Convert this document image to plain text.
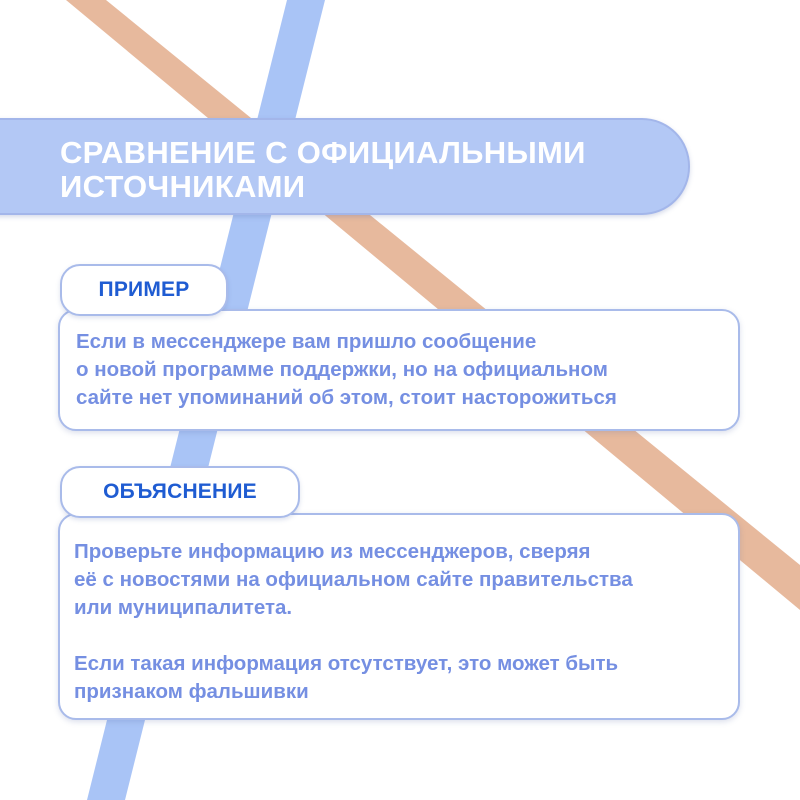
СРАВНЕНИЕ С ОФИЦИАЛЬНЫМИ
ИСТОЧНИКАМИ

Если в мессенджере вам пришло сообщение
о новой программе поддержки, но на официальном
сайте нет упоминаний об этом, стоит насторожиться

ПРИМЕР
Проверьте информацию из мессенджеров, сверяя
её с новостями на официальном сайте правительства
или муниципалитета.
Если такая информация отсутствует, это может быть
признаком фальшивки
ОБЪЯСНЕНИЕ
